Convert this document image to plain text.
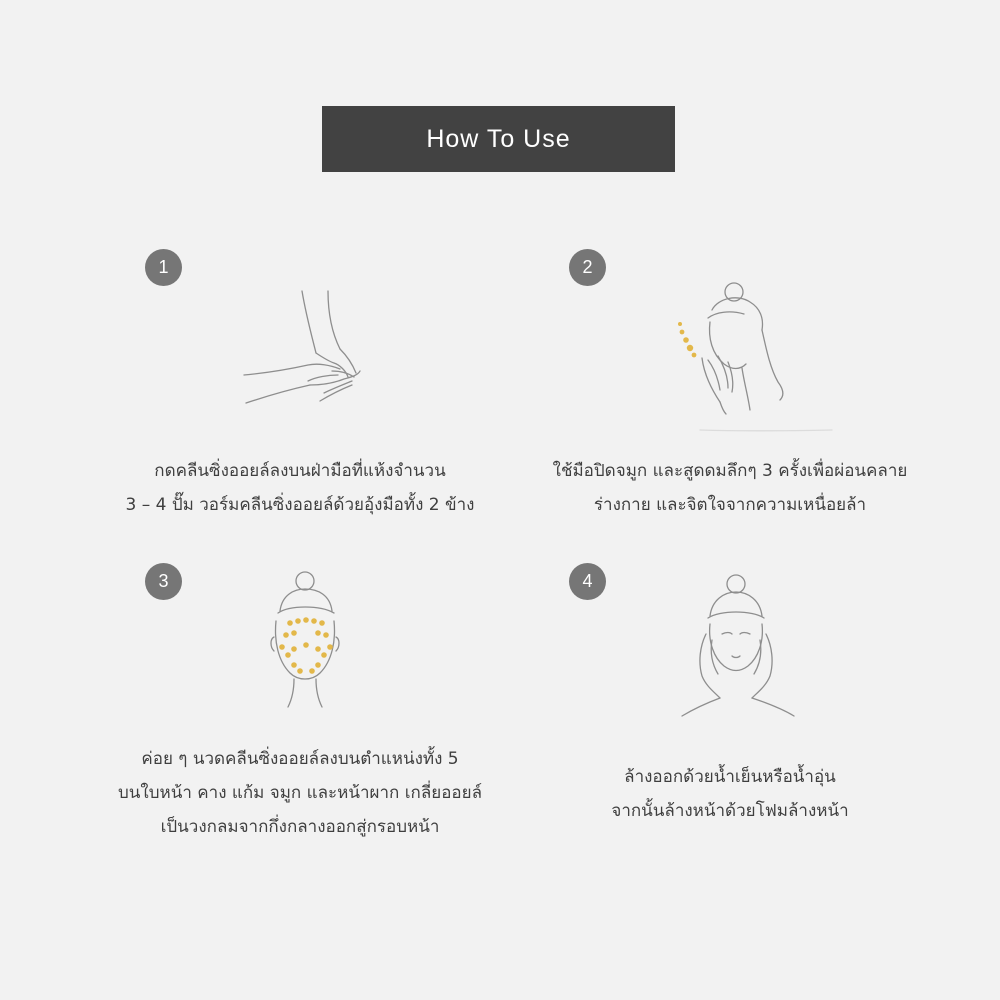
How To Use
1
กดคลีนซิ่งออยล์ลงบนฝ่ามือที่แห้งจำนวน
3 – 4 ปั๊ม วอร์มคลีนซิ่งออยล์ด้วยอุ้งมือทั้ง 2 ข้าง
2
ใช้มือปิดจมูก และสูดดมลึกๆ 3 ครั้งเพื่อผ่อนคลาย
ร่างกาย และจิตใจจากความเหนื่อยล้า
3
ค่อย ๆ นวดคลีนซิ่งออยล์ลงบนตำแหน่งทั้ง 5
บนใบหน้า คาง แก้ม จมูก และหน้าผาก เกลี่ยออยล์
เป็นวงกลมจากกึ่งกลางออกสู่กรอบหน้า
4
ล้างออกด้วยน้ำเย็นหรือน้ำอุ่น
จากนั้นล้างหน้าด้วยโฟมล้างหน้า
